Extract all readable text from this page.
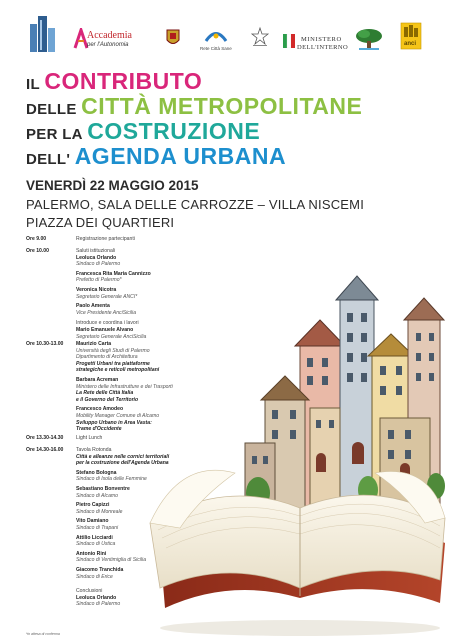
Accademia
per l'Autonomia
Rete Città Sane
MINISTERO
DELL'INTERNO	anci
IL CONTRIBUTO
DELLE CITTÀ METROPOLITANE
PER LA COSTRUZIONE
DELL' AGENDA URBANA
VENERDÌ 22 MAGGIO 2015
PALERMO, SALA DELLE CARROZZE – VILLA NISCEMI
PIAZZA DEI QUARTIERI
Ore 9.00	Registrazione partecipanti
Ore 10.00	Saluti istituzionali
Leoluca Orlando
Sindaco di Palermo
Francesca Rita Maria Cannizzo
Prefetto di Palermo*
Veronica Nicotra
Segretario Generale ANCI*
Paolo Amenta
Vice Presidente AnciSicilia
Introduce e coordina i lavori
Mario Emanuele Alvano
Segretario Generale AnciSicilia
Ore 10.30-13.00 Maurizio Carta
Università degli Studi di Palermo
Dipartimento di Architettura
Progetti Urbani tra piattaforme
strategiche e reticoli metropolitani
Barbara Acreman
Ministero delle Infrastrutture e dei Trasporti
La Rete delle Città Italia
e il Governo del Territorio
Francesco Amodeo
Mobility Manager Comune di Alcamo
Sviluppo Urbano in Area Vasta:
Trame d'Occidente
Ore 13.30-14.30 Light Lunch
Ore 14.30-16.00 Tavola Rotonda
Città e alleanze nelle cornici territoriali
per la costruzione dell'Agenda Urbana
Stefano Bologna
Sindaco di Isola delle Femmine
Sebastiano Bonventre
Sindaco di Alcamo
Pietro Capizzi
Sindaco di Monreale
Vito Damiano
Sindaco di Trapani
Attilio Licciardi
Sindaco di Ustica
Antonio Rini
Sindaco di Ventimiglia di Sicilia
Giacomo Tranchida
Sindaco di Erice
Conclusioni
Leoluca Orlando
Sindaco di Palermo
*in attesa di conferma
